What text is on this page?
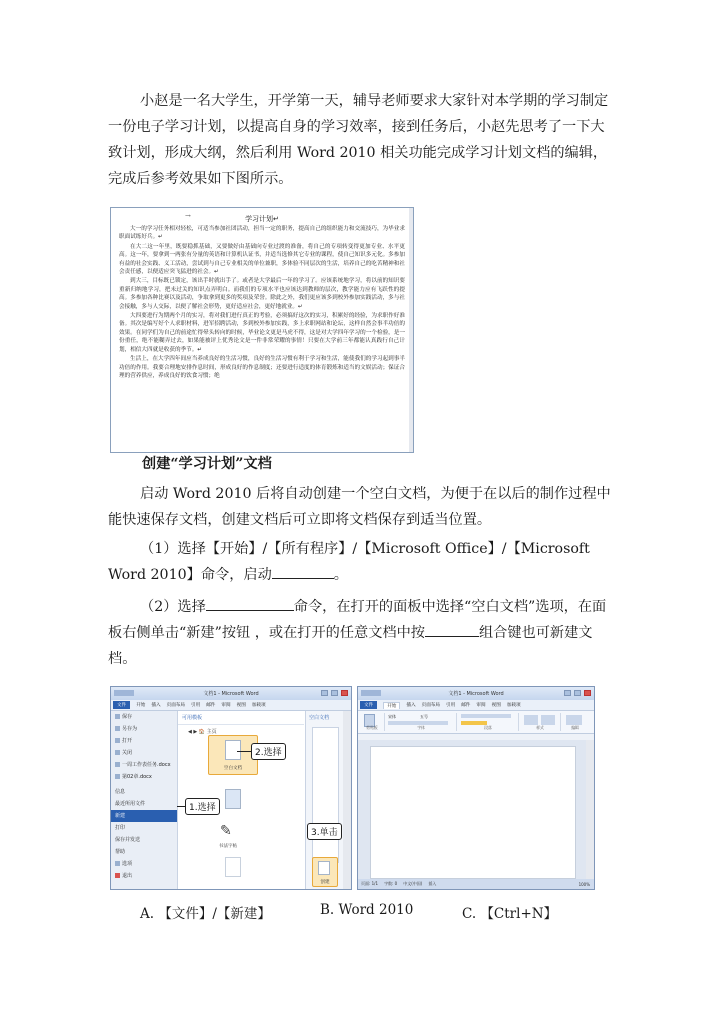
小赵是一名大学生，开学第一天，辅导老师要求大家针对本学期的学习制定一份电子学习计划，以提高自身的学习效率，接到任务后，小赵先思考了一下大致计划，形成大纲，然后利用 Word 2010 相关功能完成学习计划文档的编辑，完成后参考效果如下图所示。

→	学习计划↵
大一的学习任务相对轻松，可适当参加社团活动，担当一定的职务，提高自己的组织能力和交流技巧，为毕业求职面试练好兵。↵
在大二这一年里，既要稳抓基础，又要做好由基础向专业过渡的准备，将自己的专项转变得更加专业、水平更高。这一年，要拿到一两张有分量的英语和计算机认证书，并适当选修其它专业的课程，使自己知识多元化。多参加有益的社会实践、义工活动，尝试到与自己专业相关的单位兼职，多体验不同层次的生活，培养自己的吃苦精神和社会责任感，以便适应突飞猛进的社会。↵
到大三，目标既已锁定，该出手时就出手了。或者是大学最后一年的学习了。应该系统地学习，将以前的知识要重新归纳地学习，把未过关的知识点弄明白。而我们的专项水平也应该达到教师的层次，教学能力应有飞跃性的提高。多参加各种比赛以及活动，争取拿到更多的奖项及荣誉。除此之外，我们更应该多到校外参加实践活动，多与社会接触，多与人交际，以便了解社会形势，更好适应社会，更好地就业。↵
大四要进行为期两个月的实习，将对我们进行真正的考验，必须搞好这次的实习，积累好的经验，为求职作好准备。其次是编写好个人求职材料，进军招聘活动，多到校外参加实践，多上求职网站和论坛，这样自然会事半功倍的效果。在同学们为自己的前途忙得晕头转向的时候，毕业论文更是马虎不得，这是对大学四年学习的一个检验，是一份重任，绝不能糊弄过去，如果能被评上优秀论文是一件非常荣耀的事情！只要在大学前三年都能认真践行自己计划，相信大四就是收获的季节。↵
生活上，在大学四年间应当养成良好的生活习惯，良好的生活习惯有利于学习和生活，能使我们的学习起到事半功倍的作用。我要合理地安排作息时间，形成良好的作息制度；还要进行适度的体育锻炼和适当的文娱活动；保证合理的营养供应，养成良好的饮食习惯；绝

创建“学习计划”文档

启动 Word 2010 后将自动创建一个空白文档，为便于在以后的制作过程中能快速保存文档，创建文档后可立即将文档保存到适当位置。

（1）选择【开始】/【所有程序】/【Microsoft Office】/【Microsoft Word 2010】命令，启动	。

（2）选择	命令，在打开的面板中选择“空白文档”选项，在面板右侧单击“新建”按钮 ，或在打开的任意文档中按	组合键也可新建文档。

文档1 - Microsoft Word
文件	开始 插入 页面布局 引用 邮件 审阅 视图 加载项
保存
另存为
打开
关闭
一周工作表任务.docx
第02章.docx
信息
最近所用文件
新建
打印
保存并发送
帮助
选项
退出
可用模板
◀ ▶ 🏠 主页
空白文档
✎
书法字帖
空白文档
创建
1.选择
2.选择
3.单击
文档1 - Microsoft Word
文件	开始	插入 页面布局 引用 邮件 审阅 视图 加载项
剪贴板
宋体	五号
字体	段落	样式	编辑
页面: 1/1 字数: 0 中文(中国) 插入	100%
A. 【文件】/【新建】	B. Word 2010	C. 【Ctrl+N】
